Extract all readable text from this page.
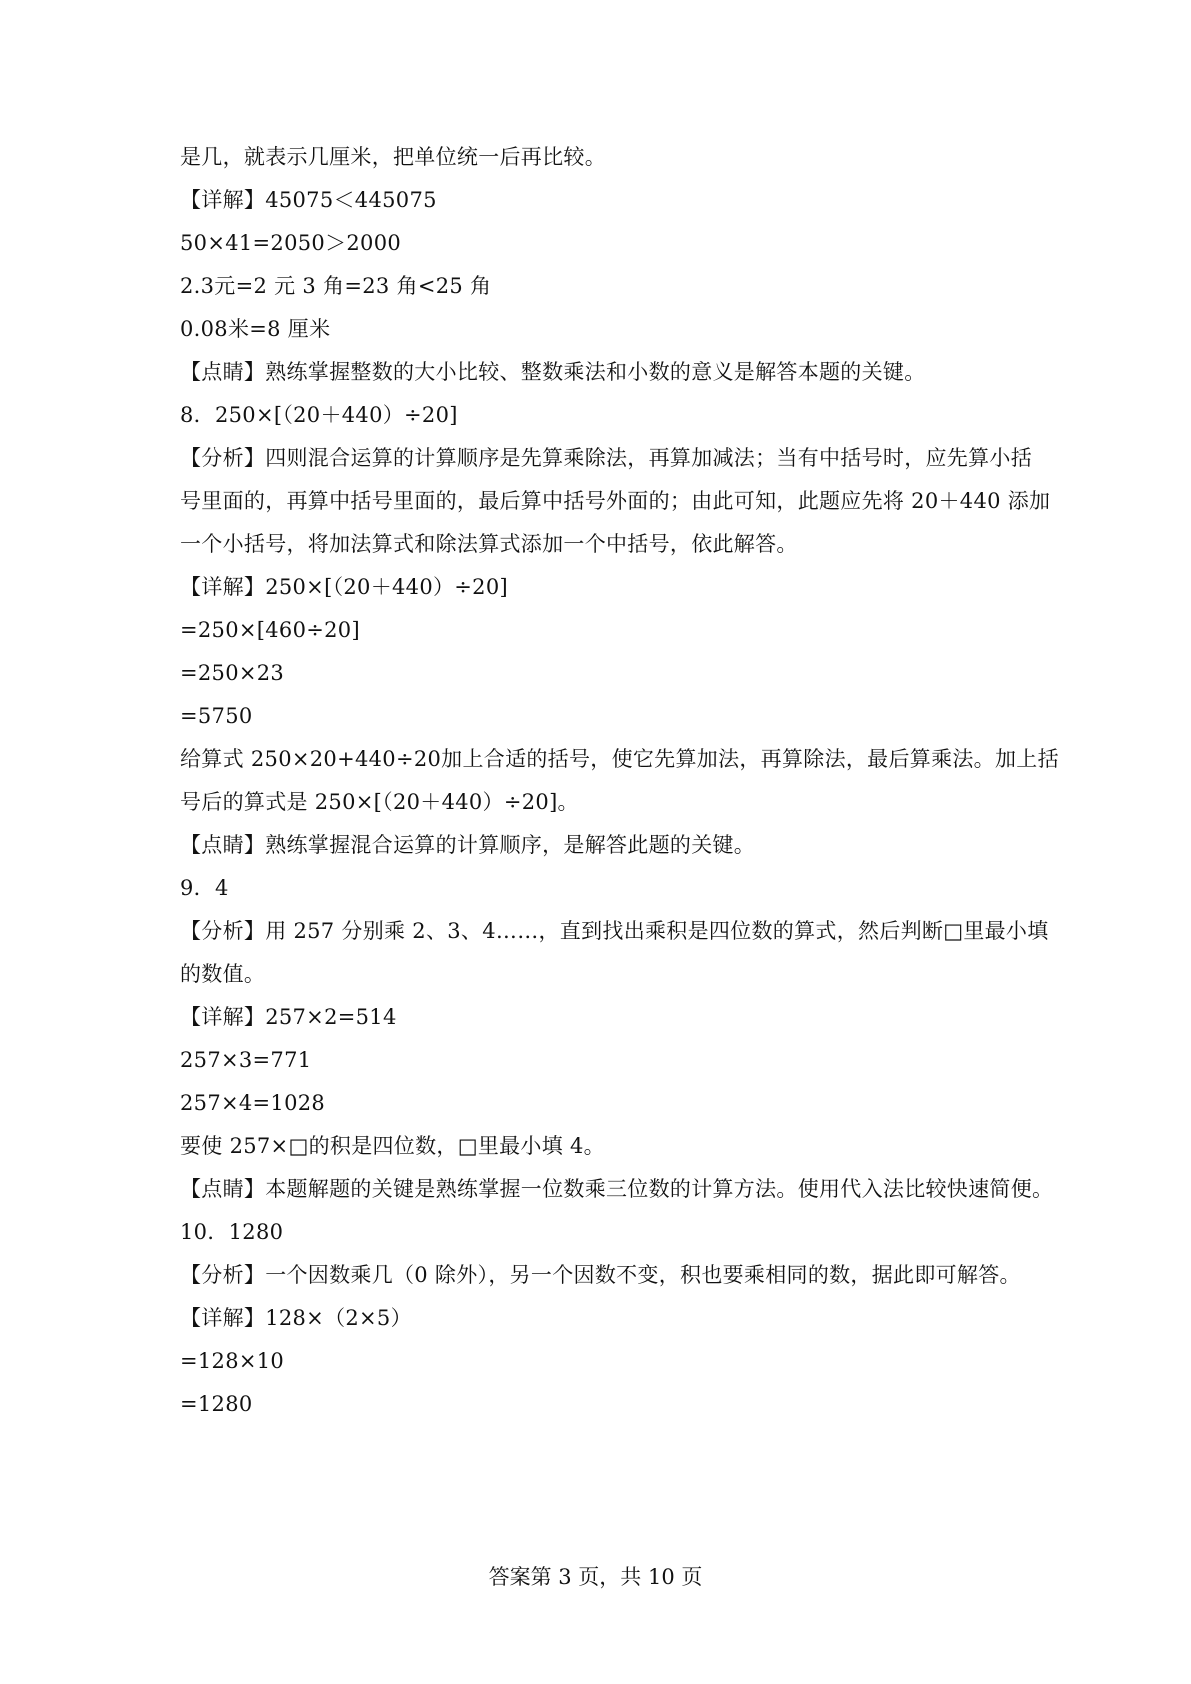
是几，就表示几厘米，把单位统一后再比较。
【详解】45075＜445075
50×41=2050＞2000
2.3元=2 元 3 角=23 角<25 角
0.08米=8 厘米
【点睛】熟练掌握整数的大小比较、整数乘法和小数的意义是解答本题的关键。
8．250×[（20＋440）÷20]
【分析】四则混合运算的计算顺序是先算乘除法，再算加减法；当有中括号时，应先算小括
号里面的，再算中括号里面的，最后算中括号外面的；由此可知，此题应先将 20＋440 添加
一个小括号，将加法算式和除法算式添加一个中括号，依此解答。
【详解】250×[（20＋440）÷20]
=250×[460÷20]
=250×23
=5750
给算式 250×20+440÷20加上合适的括号，使它先算加法，再算除法，最后算乘法。加上括
号后的算式是 250×[（20＋440）÷20]。
【点睛】熟练掌握混合运算的计算顺序，是解答此题的关键。
9．4
【分析】用 257 分别乘 2、3、4……，直到找出乘积是四位数的算式，然后判断□里最小填
的数值。
【详解】257×2=514
257×3=771
257×4=1028
要使 257×□的积是四位数，□里最小填 4。
【点睛】本题解题的关键是熟练掌握一位数乘三位数的计算方法。使用代入法比较快速简便。
10．1280
【分析】一个因数乘几（0 除外），另一个因数不变，积也要乘相同的数，据此即可解答。
【详解】128×（2×5）
=128×10
=1280
答案第 3 页，共 10 页
